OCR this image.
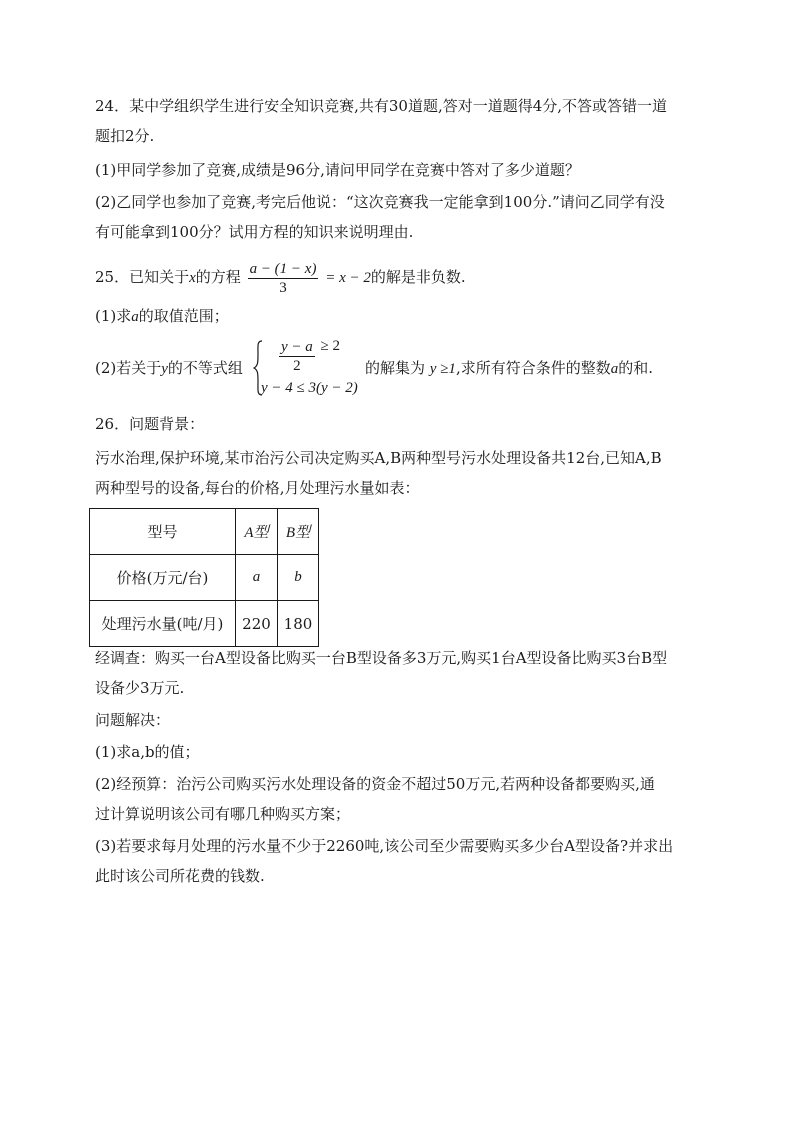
24．某中学组织学生进行安全知识竞赛,共有30道题,答对一道题得4分,不答或答错一道
题扣2分.
(1)甲同学参加了竞赛,成绩是96分,请问甲同学在竞赛中答对了多少道题？
(2)乙同学也参加了竞赛,考完后他说：“这次竞赛我一定能拿到100分.”请问乙同学有没
有可能拿到100分？试用方程的知识来说明理由.
25．已知关于x的方程 $\frac{a - (1 - x)}{3} = x - 2$的解是非负数.
(1)求a的取值范围；
(2)若关于y的不等式组 $\frac{y - a}{2} \ge 2$
y − 4 ≤ 3(y − 2)
的解集为 y ≥1,求所有符合条件的整数a的和.
26．问题背景：
污水治理,保护环境,某市治污公司决定购买A,B两种型号污水处理设备共12台,已知A,B
两种型号的设备,每台的价格,月处理污水量如表：
型号	A型	B型
价格(万元/台)	a	b
处理污水量(吨/月)	220	180
经调查：购买一台A型设备比购买一台B型设备多3万元,购买1台A型设备比购买3台B型
设备少3万元.
问题解决：
(1)求a,b的值；
(2)经预算：治污公司购买污水处理设备的资金不超过50万元,若两种设备都要购买,通
过计算说明该公司有哪几种购买方案；
(3)若要求每月处理的污水量不少于2260吨,该公司至少需要购买多少台A型设备?并求出
此时该公司所花费的钱数.
